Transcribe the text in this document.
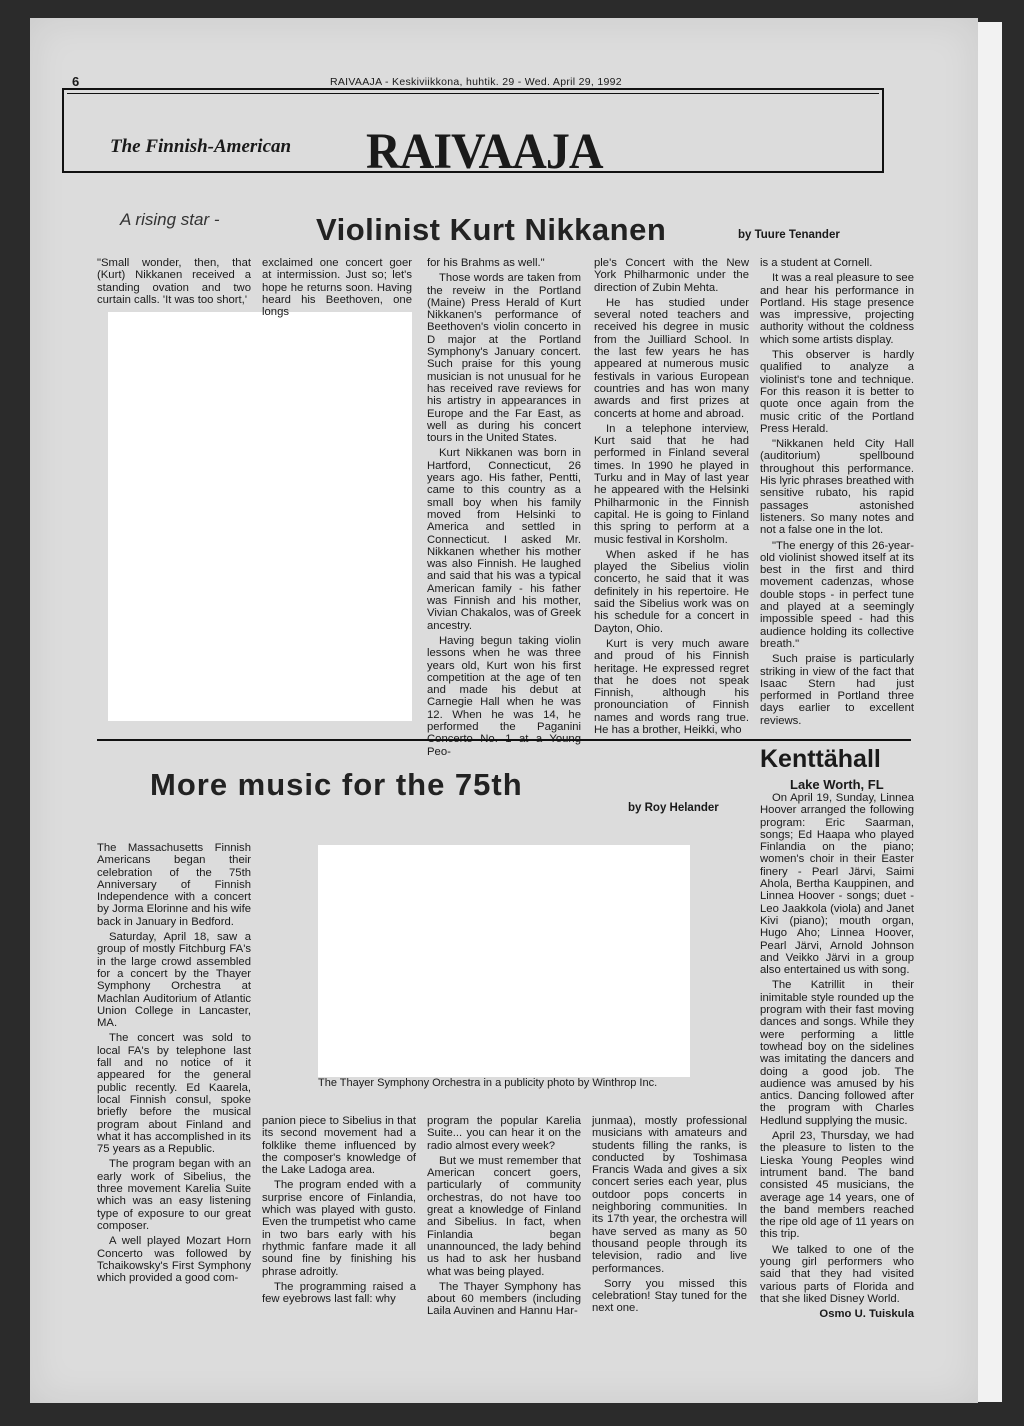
6	RAIVAAJA - Keskiviikkona, huhtik. 29 - Wed. April 29, 1992
The Finnish-American RAIVAAJA
A rising star -	Violinist Kurt Nikkanen	by Tuure Tenander

"Small wonder, then, that (Kurt) Nikkanen received a standing ovation and two curtain calls. 'It was too short,'

exclaimed one concert goer at intermission. Just so; let's hope he returns soon. Having heard his Beethoven, one longs

for his Brahms as well."

Those words are taken from the reveiw in the Portland (Maine) Press Herald of Kurt Nikkanen's performance of Beethoven's violin concerto in D major at the Portland Symphony's January concert. Such praise for this young musician is not unusual for he has received rave reviews for his artistry in appearances in Europe and the Far East, as well as during his concert tours in the United States.

Kurt Nikkanen was born in Hartford, Connecticut, 26 years ago. His father, Pentti, came to this country as a small boy when his family moved from Helsinki to America and settled in Connecticut. I asked Mr. Nikkanen whether his mother was also Finnish. He laughed and said that his was a typical American family - his father was Finnish and his mother, Vivian Chakalos, was of Greek ancestry.

Having begun taking violin lessons when he was three years old, Kurt won his first competition at the age of ten and made his debut at Carnegie Hall when he was 12. When he was 14, he performed the Paganini Peo-

ple's Concert with the New York Philharmonic under the direction of Zubin Mehta.

He has studied under several noted teachers and received his degree in music from the Juilliard School. In the last few years he has appeared at numerous music festivals in various European countries and has won many awards and first prizes at concerts at home and abroad.

In a telephone interview, Kurt said that he had performed in Finland several times. In 1990 he played in Turku and in May of last year he appeared with the Helsinki Philharmonic in the Finnish capital. He is going to Finland this spring to perform at a music festival in Korsholm.

When asked if he has played the Sibelius violin concerto, he said that it was definitely in his repertoire. He said the Sibelius work was on his schedule for a concert in Dayton, Ohio.

Kurt is very much aware and proud of his Finnish heritage. He expressed regret that he does not speak Finnish, although his pronounciation of Finnish names and words rang true. He has a brother, Heikki, who

is a student at Cornell.

It was a real pleasure to see and hear his performance in Portland. His stage presence was impressive, projecting authority without the coldness which some artists display.

This observer is hardly qualified to analyze a violinist's tone and technique. For this reason it is better to quote once again from the music critic of the Portland Press Herald.

"Nikkanen held City Hall (auditorium) spellbound throughout this performance. His lyric phrases breathed with sensitive rubato, his rapid passages astonished listeners. So many notes and not a false one in the lot.

"The energy of this 26-year-old violinist showed itself at its best in the first and third movement cadenzas, whose double stops - in perfect tune and played at a seemingly impossible speed - had this audience holding its collective breath."

Such praise is particularly striking in view of the fact that Isaac Stern had just performed in Portland three days earlier to excellent reviews.

More music for the 75th
by Roy Helander
The Thayer Symphony Orchestra in a publicity photo by Winthrop Inc.

The Massachusetts Finnish Americans began their celebration of the 75th Anniversary of Finnish Independence with a concert by Jorma Elorinne and his wife back in January in Bedford.

Saturday, April 18, saw a group of mostly Fitchburg FA's in the large crowd assembled for a concert by the Thayer Symphony Orchestra at Machlan Auditorium of Atlantic Union College in Lancaster, MA.

The concert was sold to local FA's by telephone last fall and no notice of it appeared for the general public recently. Ed Kaarela, local Finnish consul, spoke briefly before the musical program about Finland and what it has accomplished in its 75 years as a Republic.

The program began with an early work of Sibelius, the three movement Karelia Suite which was an easy listening type of exposure to our great composer.

A well played Mozart Horn Concerto was followed by Tchaikowsky's First Symphony which provided a good com-

panion piece to Sibelius in that its second movement had a folklike theme influenced by the composer's knowledge of the Lake Ladoga area.

The program ended with a surprise encore of Finlandia, which was played with gusto. Even the trumpetist who came in two bars early with his rhythmic fanfare made it all sound fine by finishing his phrase adroitly.

The programming raised a few eyebrows last fall: why

program the popular Karelia Suite... you can hear it on the radio almost every week?

But we must remember that American concert goers, particularly of community orchestras, do not have too great a knowledge of Finland and Sibelius. In fact, when Finlandia began unannounced, the lady behind us had to ask her husband what was being played.

The Thayer Symphony has about 60 members (including Laila Auvinen and Hannu Har-

junmaa), mostly professional musicians with amateurs and students filling the ranks, is conducted by Toshimasa Francis Wada and gives a six concert series each year, plus outdoor pops concerts in neighboring communities. In its 17th year, the orchestra will have served as many as 50 thousand people through its television, radio and live performances.

Sorry you missed this celebration! Stay tuned for the next one.

Kenttähall
Lake Worth, FL

On April 19, Sunday, Linnea Hoover arranged the following program: Eric Saarman, songs; Ed Haapa who played Finlandia on the piano; women's choir in their Easter finery - Pearl Järvi, Saimi Ahola, Bertha Kauppinen, and Linnea Hoover - songs; duet - Leo Jaakkola (viola) and Janet Kivi (piano); mouth organ, Hugo Aho; Linnea Hoover, Pearl Järvi, Arnold Johnson and Veikko Järvi in a group also entertained us with song.

The Katrillit in their inimitable style rounded up the program with their fast moving dances and songs. While they were performing a little towhead boy on the sidelines was imitating the dancers and doing a good job. The audience was amused by his antics. Dancing followed after the program with Charles Hedlund supplying the music.

April 23, Thursday, we had the pleasure to listen to the Lieska Young Peoples wind intrument band. The band consisted 45 musicians, the average age 14 years, one of the band members reached the ripe old age of 11 years on this trip.

We talked to one of the young girl performers who said that they had visited various parts of Florida and that she liked Disney World.

Osmo U. Tuiskula
